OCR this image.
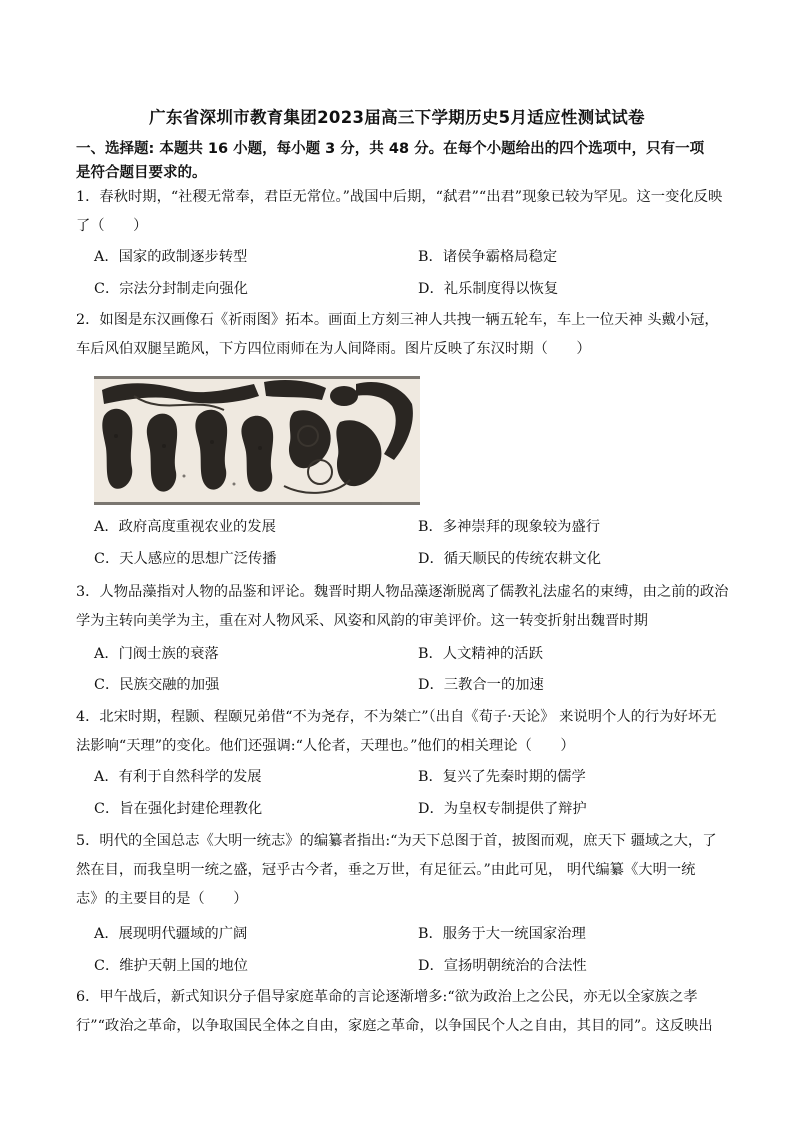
广东省深圳市教育集团2023届高三下学期历史5月适应性测试试卷
一、选择题: 本题共 16 小题，每小题 3 分，共 48 分。在每个小题给出的四个选项中，只有一项
是符合题目要求的。
1．春秋时期，“社稷无常奉，君臣无常位。”战国中后期，“弑君”“出君”现象已较为罕见。这一变化反映
了（　　）
A．国家的政制逐步转型	B．诸侯争霸格局稳定
C．宗法分封制走向强化	D．礼乐制度得以恢复
2．如图是东汉画像石《祈雨图》拓本。画面上方刻三神人共拽一辆五轮车，车上一位天神 头戴小冠，
车后风伯双腿呈跪风，下方四位雨师在为人间降雨。图片反映了东汉时期（　　）
A．政府高度重视农业的发展	B．多神崇拜的现象较为盛行
C．天人感应的思想广泛传播	D．循天顺民的传统农耕文化
3．人物品藻指对人物的品鉴和评论。魏晋时期人物品藻逐渐脱离了儒教礼法虚名的束缚，由之前的政治
学为主转向美学为主，重在对人物风采、风姿和风韵的审美评价。这一转变折射出魏晋时期
A．门阀士族的衰落	B．人文精神的活跃
C．民族交融的加强	D．三教合一的加速
4．北宋时期，程颢、程颐兄弟借“不为尧存，不为桀亡”（出自《荀子·天论》 来说明个人的行为好坏无
法影响“天理”的变化。他们还强调:“人伦者，天理也。”他们的相关理论（　　）
A．有利于自然科学的发展	B．复兴了先秦时期的儒学
C．旨在强化封建伦理教化	D．为皇权专制提供了辩护
5．明代的全国总志《大明一统志》的编纂者指出:“为天下总图于首，披图而观，庶天下 疆域之大，了
然在目，而我皇明一统之盛，冠乎古今者，垂之万世，有足征云。”由此可见， 明代编纂《大明一统
志》的主要目的是（　　）
A．展现明代疆域的广阔	B．服务于大一统国家治理
C．维护天朝上国的地位	D．宣扬明朝统治的合法性
6．甲午战后，新式知识分子倡导家庭革命的言论逐渐增多:“欲为政治上之公民，亦无以全家族之孝
行”“政治之革命，以争取国民全体之自由，家庭之革命，以争国民个人之自由，其目的同”。这反映出
